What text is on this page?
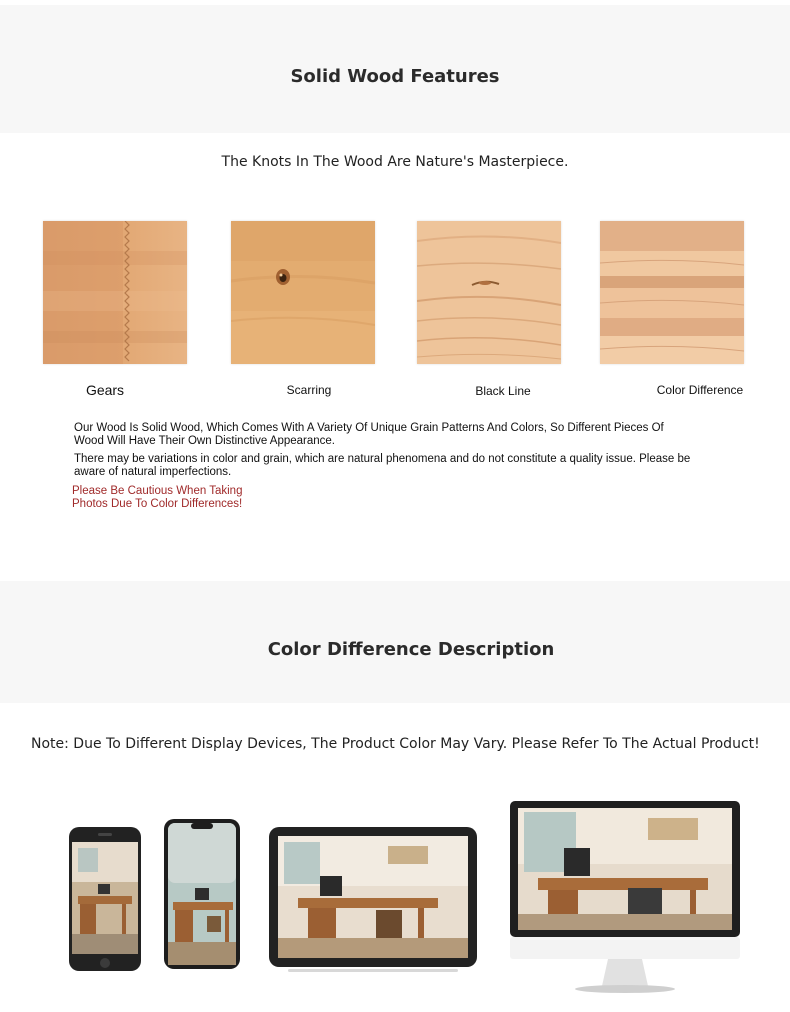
Solid Wood Features
The Knots In The Wood Are Nature's Masterpiece.
Gears	Scarring	Black Line	Color Difference
Our Wood Is Solid Wood, Which Comes With A Variety Of Unique Grain Patterns And Colors, So Different Pieces Of Wood Will Have Their Own Distinctive Appearance.
There may be variations in color and grain, which are natural phenomena and do not constitute a quality issue. Please be aware of natural imperfections.
Please Be Cautious When Taking Photos Due To Color Differences!
Color Difference Description
Note: Due To Different Display Devices, The Product Color May Vary. Please Refer To The Actual Product!
